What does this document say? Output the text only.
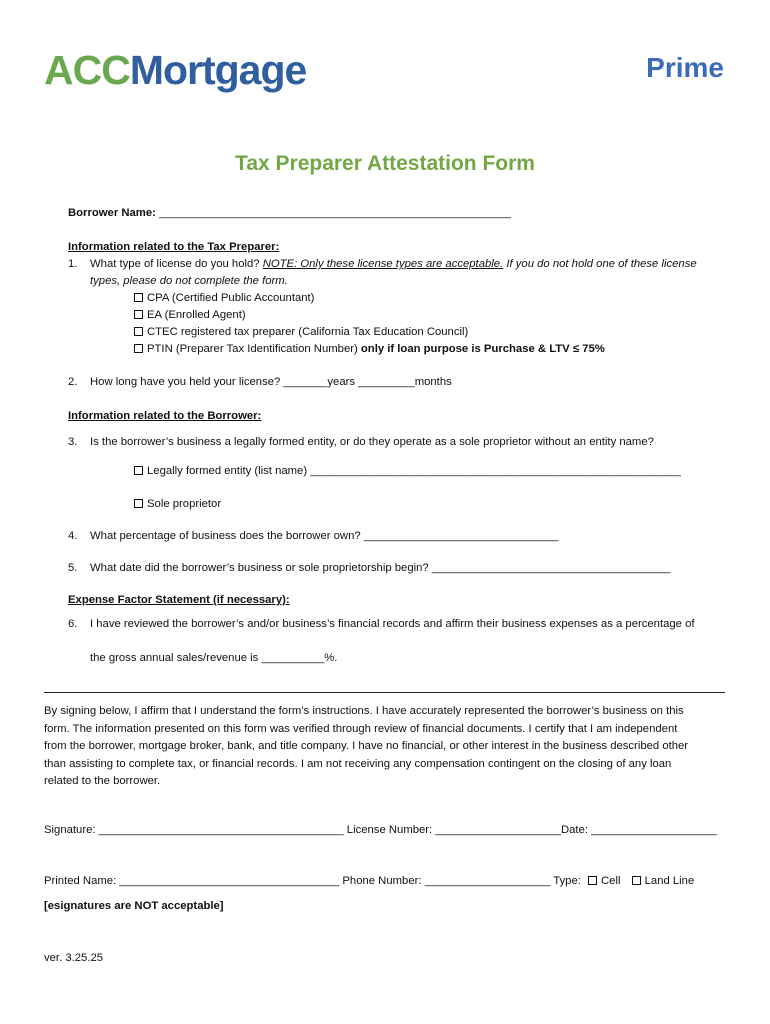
ACCMortgage	Prime
Tax Preparer Attestation Form
Borrower Name: ________________________________________________________
Information related to the Tax Preparer:
1. What type of license do you hold? NOTE: Only these license types are acceptable. If you do not hold one of these license
types, please do not complete the form.
CPA (Certified Public Accountant)
EA (Enrolled Agent)
CTEC registered tax preparer (California Tax Education Council)
PTIN (Preparer Tax Identification Number) only if loan purpose is Purchase & LTV ≤ 75%
2. How long have you held your license? _______years _________months
Information related to the Borrower:
3. Is the borrower’s business a legally formed entity, or do they operate as a sole proprietor without an entity name?
Legally formed entity (list name) ___________________________________________________________
Sole proprietor
4. What percentage of business does the borrower own? _______________________________
5. What date did the borrower’s business or sole proprietorship begin? ______________________________________
Expense Factor Statement (if necessary):
6. I have reviewed the borrower’s and/or business’s financial records and affirm their business expenses as a percentage of
the gross annual sales/revenue is __________%.
By signing below, I affirm that I understand the form’s instructions. I have accurately represented the borrower’s business on this
form. The information presented on this form was verified through review of financial documents. I certify that I am independent
from the borrower, mortgage broker, bank, and title company. I have no financial, or other interest in the business described other
than assisting to complete tax, or financial records. I am not receiving any compensation contingent on the closing of any loan
related to the borrower.
Signature: _______________________________________ License Number: ____________________Date: ____________________
Printed Name: ___________________________________ Phone Number: ____________________ Type: Cell Land Line
[esignatures are NOT acceptable]
ver. 3.25.25
